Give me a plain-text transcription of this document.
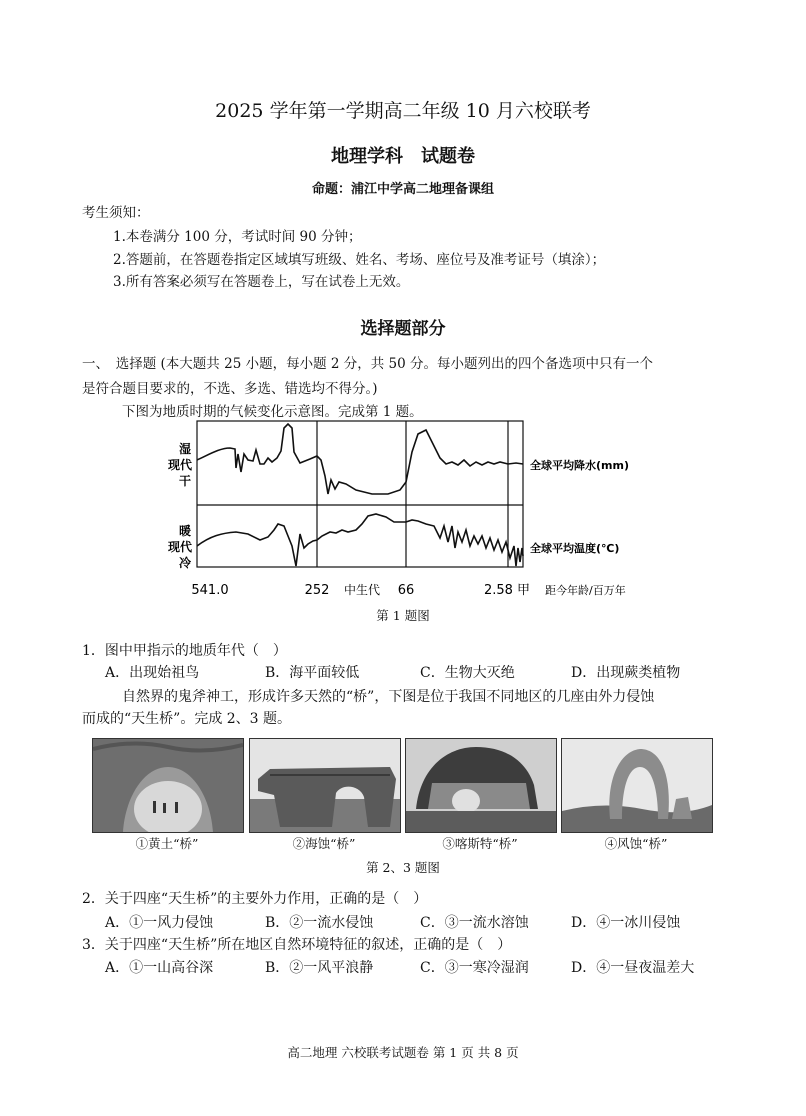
2025 学年第一学期高二年级 10 月六校联考
地理学科　试题卷
命题：浦江中学高二地理备课组
考生须知：
1.本卷满分 100 分，考试时间 90 分钟；
2.答题前，在答题卷指定区域填写班级、姓名、考场、座位号及准考证号（填涂）；
3.所有答案必须写在答题卷上，写在试卷上无效。
选择题部分
一、　选择题 (本大题共 25 小题，每小题 2 分，共 50 分。每小题列出的四个备选项中只有一个
是符合题目要求的，不选、多选、错选均不得分。)
下图为地质时期的气候变化示意图。完成第 1 题。
湿
现代
干
暖
现代
冷
全球平均降水(mm)
全球平均温度(℃)
541.0	252 中生代 66	2.58 甲 距今年龄/百万年
第 1 题图
1．图中甲指示的地质年代（　）
A．出现始祖鸟	B．海平面较低	C．生物大灭绝	D．出现蕨类植物
自然界的鬼斧神工，形成许多天然的“桥”，下图是位于我国不同地区的几座由外力侵蚀
而成的“天生桥”。完成 2、3 题。
①黄土“桥”	②海蚀“桥”	③喀斯特“桥”	④风蚀“桥”
第 2、3 题图
2．关于四座“天生桥”的主要外力作用，正确的是（　）
A．①一风力侵蚀	B．②一流水侵蚀	C．③一流水溶蚀	D．④一冰川侵蚀
3．关于四座“天生桥”所在地区自然环境特征的叙述，正确的是（　）
A．①一山高谷深	B．②一风平浪静	C．③一寒冷湿润	D．④一昼夜温差大
高二地理 六校联考试题卷 第 1 页 共 8 页
